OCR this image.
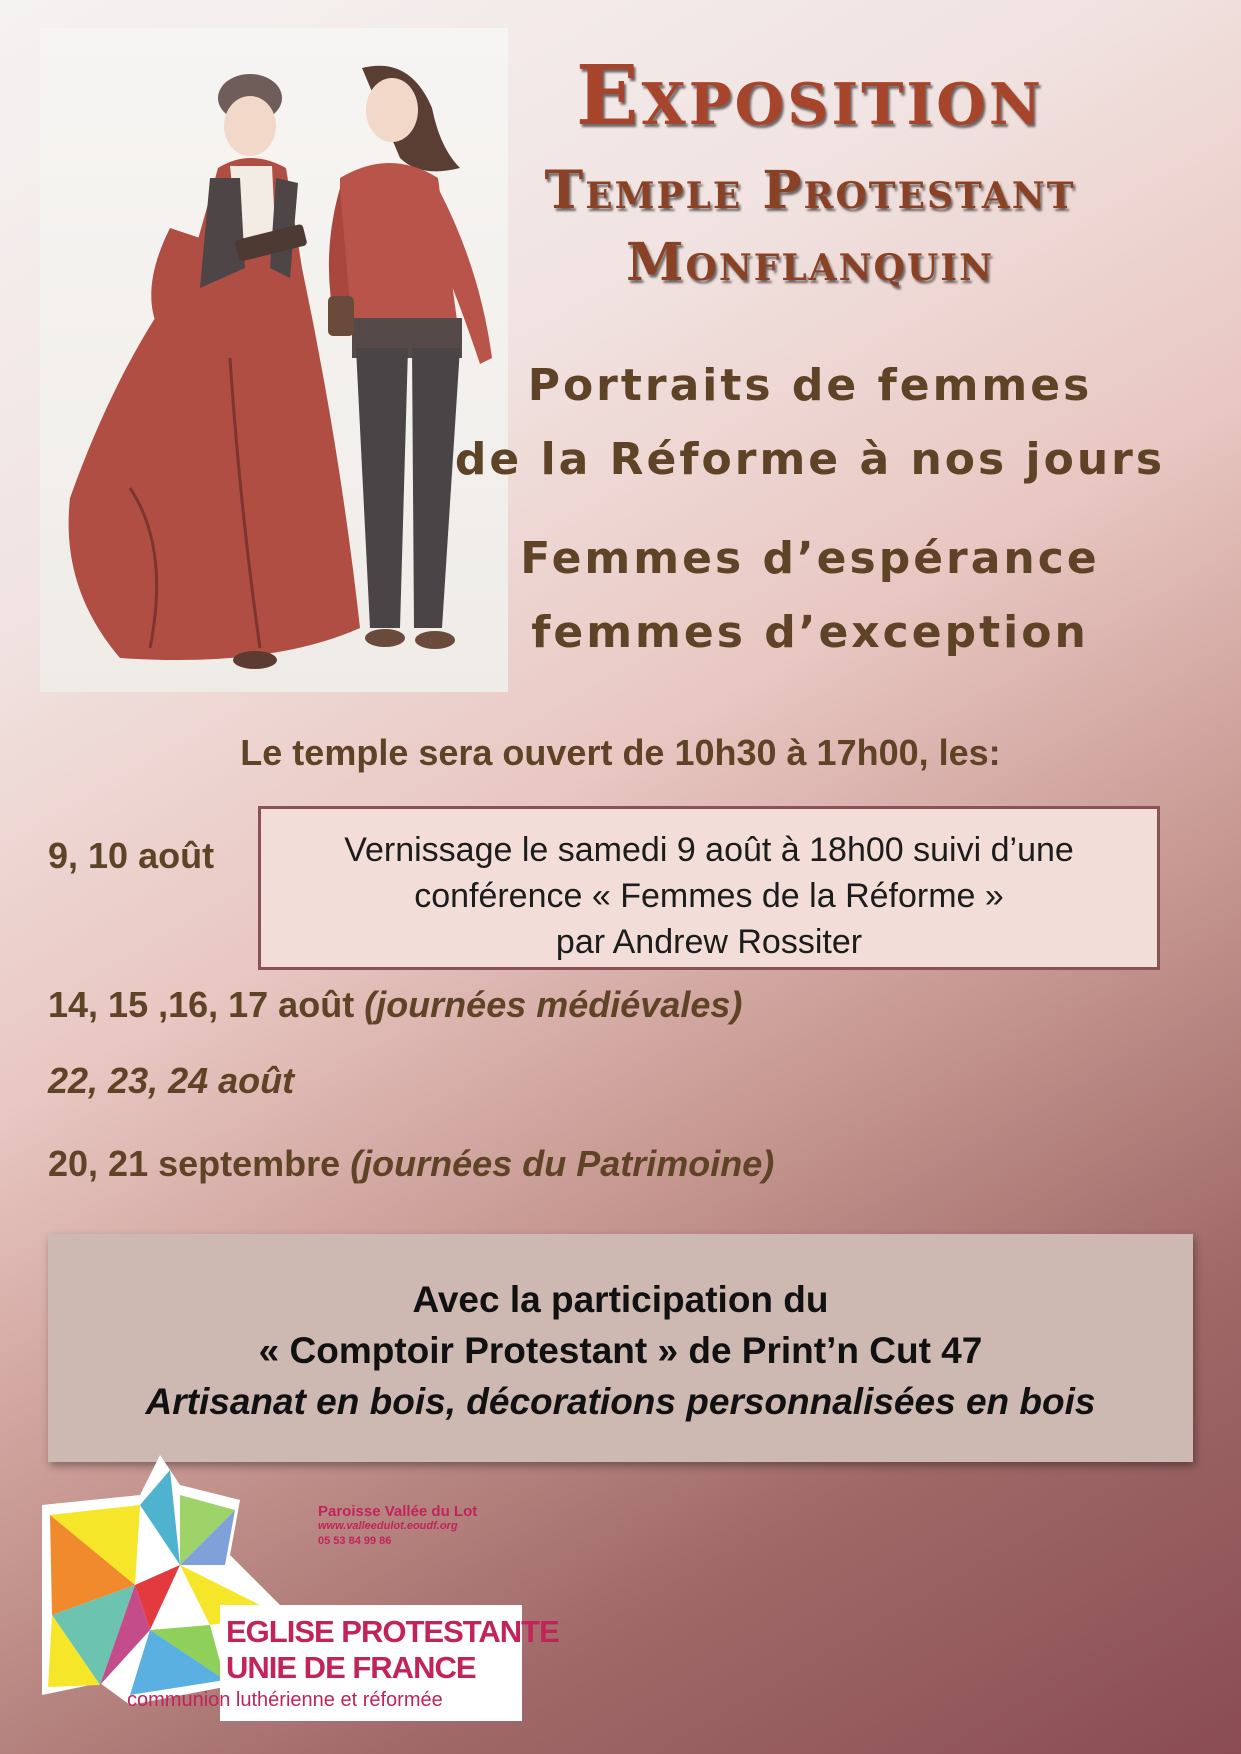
Exposition
Temple Protestant
Monflanquin
Portraits de femmes
de la Réforme à nos jours
Femmes d’espérance
femmes d’exception
Le temple sera ouvert de 10h30 à 17h00, les:
9, 10 août	Vernissage le samedi 9 août à 18h00 suivi d’une
conférence « Femmes de la Réforme »
par Andrew Rossiter
14, 15 ,16, 17 août (journées médiévales)
22, 23, 24 août
20, 21 septembre (journées du Patrimoine)
Avec la participation du
« Comptoir Protestant » de Print’n Cut 47
Artisanat en bois, décorations personnalisées en bois
Paroisse Vallée du Lot
www.valleedulot.eoudf.org
05 53 84 99 86
EGLISE PROTESTANTE
UNIE DE FRANCE
communion luthérienne et réformée
